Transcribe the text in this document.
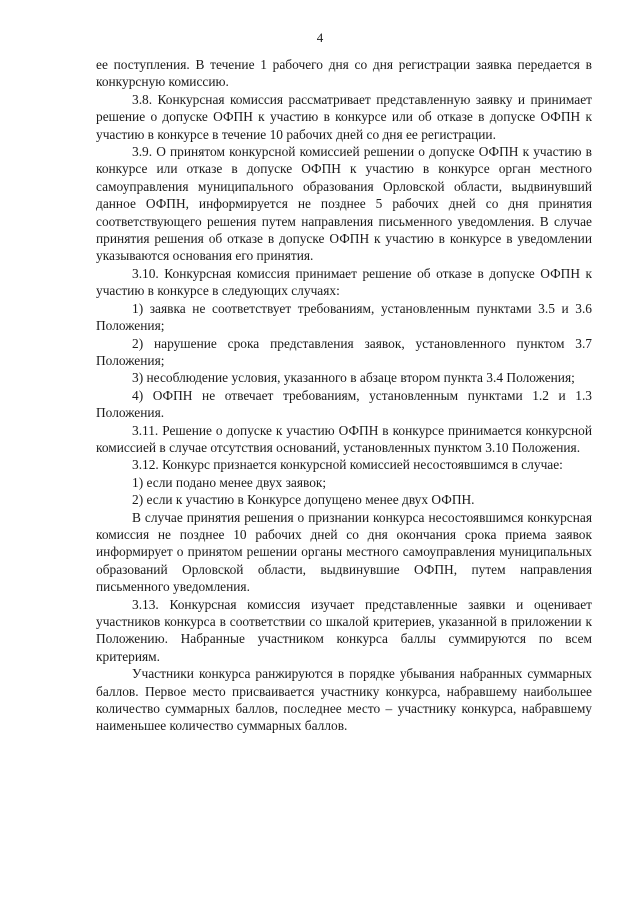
4

ее поступления. В течение 1 рабочего дня со дня регистрации заявка передается в конкурсную комиссию.

3.8. Конкурсная комиссия рассматривает представленную заявку и принимает решение о допуске ОФПН к участию в конкурсе или об отказе в допуске ОФПН к участию в конкурсе в течение 10 рабочих дней со дня ее регистрации.

3.9. О принятом конкурсной комиссией решении о допуске ОФПН к участию в конкурсе или отказе в допуске ОФПН к участию в конкурсе орган местного самоуправления муниципального образования Орловской области, выдвинувший данное ОФПН, информируется не позднее 5 рабочих дней со дня принятия соответствующего решения путем направления письменного уведомления. В случае принятия решения об отказе в допуске ОФПН к участию в конкурсе в уведомлении указываются основания его принятия.

3.10. Конкурсная комиссия принимает решение об отказе в допуске ОФПН к участию в конкурсе в следующих случаях:

1) заявка не соответствует требованиям, установленным пунктами 3.5 и 3.6 Положения;

2) нарушение срока представления заявок, установленного пунктом 3.7 Положения;

3) несоблюдение условия, указанного в абзаце втором пункта 3.4 Положения;

4) ОФПН не отвечает требованиям, установленным пунктами 1.2 и 1.3 Положения.

3.11. Решение о допуске к участию ОФПН в конкурсе принимается конкурсной комиссией в случае отсутствия оснований, установленных пунктом 3.10 Положения.

3.12. Конкурс признается конкурсной комиссией несостоявшимся в случае:

1) если подано менее двух заявок;

2) если к участию в Конкурсе допущено менее двух ОФПН.

В случае принятия решения о признании конкурса несостоявшимся конкурсная комиссия не позднее 10 рабочих дней со дня окончания срока приема заявок информирует о принятом решении органы местного самоуправления муниципальных образований Орловской области, выдвинувшие ОФПН, путем направления письменного уведомления.

3.13. Конкурсная комиссия изучает представленные заявки и оценивает участников конкурса в соответствии со шкалой критериев, указанной в приложении к Положению. Набранные участником конкурса баллы суммируются по всем критериям.

Участники конкурса ранжируются в порядке убывания набранных суммарных баллов. Первое место присваивается участнику конкурса, набравшему наибольшее количество суммарных баллов, последнее место – участнику конкурса, набравшему наименьшее количество суммарных баллов.
